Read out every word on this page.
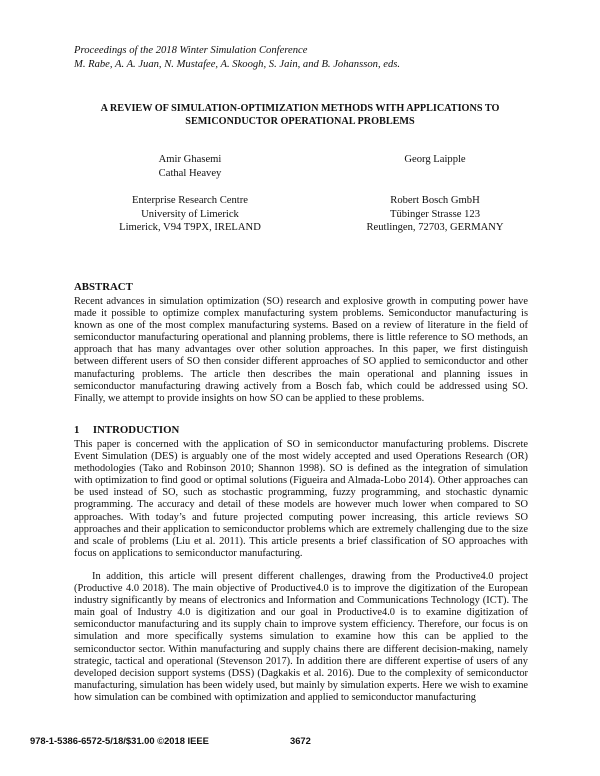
Proceedings of the 2018 Winter Simulation Conference
M. Rabe, A. A. Juan, N. Mustafee, A. Skoogh, S. Jain, and B. Johansson, eds.
A REVIEW OF SIMULATION-OPTIMIZATION METHODS WITH APPLICATIONS TO
SEMICONDUCTOR OPERATIONAL PROBLEMS
Amir Ghasemi
Cathal Heavey
Enterprise Research Centre
University of Limerick
Limerick, V94 T9PX, IRELAND
Georg Laipple
Robert Bosch GmbH
Tübinger Strasse 123
Reutlingen, 72703, GERMANY
ABSTRACT

Recent advances in simulation optimization (SO) research and explosive growth in computing power have made it possible to optimize complex manufacturing system problems. Semiconductor manufacturing is known as one of the most complex manufacturing systems. Based on a review of literature in the field of semiconductor manufacturing operational and planning problems, there is little reference to SO methods, an approach that has many advantages over other solution approaches. In this paper, we first distinguish between different users of SO then consider different approaches of SO applied to semiconductor and other manufacturing problems. The article then describes the main operational and planning issues in semiconductor manufacturing drawing actively from a Bosch fab, which could be addressed using SO. Finally, we attempt to provide insights on how SO can be applied to these problems.

1     INTRODUCTION

This paper is concerned with the application of SO in semiconductor manufacturing problems. Discrete Event Simulation (DES) is arguably one of the most widely accepted and used Operations Research (OR) methodologies (Tako and Robinson 2010; Shannon 1998). SO is defined as the integration of simulation with optimization to find good or optimal solutions (Figueira and Almada-Lobo 2014). Other approaches can be used instead of SO, such as stochastic programming, fuzzy programming, and stochastic dynamic programming. The accuracy and detail of these models are however much lower when compared to SO approaches. With today’s and future projected computing power increasing, this article reviews SO approaches and their application to semiconductor problems which are extremely challenging due to the size and scale of problems (Liu et al. 2011). This article presents a brief classification of SO approaches with focus on applications to semiconductor manufacturing.

In addition, this article will present different challenges, drawing from the Productive4.0 project (Productive 4.0 2018). The main objective of Productive4.0 is to improve the digitization of the European industry significantly by means of electronics and Information and Communications Technology (ICT). The main goal of Industry 4.0 is digitization and our goal in Productive4.0 is to examine digitization of semiconductor manufacturing and its supply chain to improve system efficiency. Therefore, our focus is on simulation and more specifically systems simulation to examine how this can be applied to the semiconductor sector. Within manufacturing and supply chains there are different decision-making, namely strategic, tactical and operational (Stevenson 2017). In addition there are different expertise of users of any developed decision support systems (DSS) (Dagkakis et al. 2016). Due to the complexity of semiconductor manufacturing, simulation has been widely used, but mainly by simulation experts. Here we wish to examine how simulation can be combined with optimization and applied to semiconductor manufacturing

978-1-5386-6572-5/18/$31.00 ©2018 IEEE	3672
